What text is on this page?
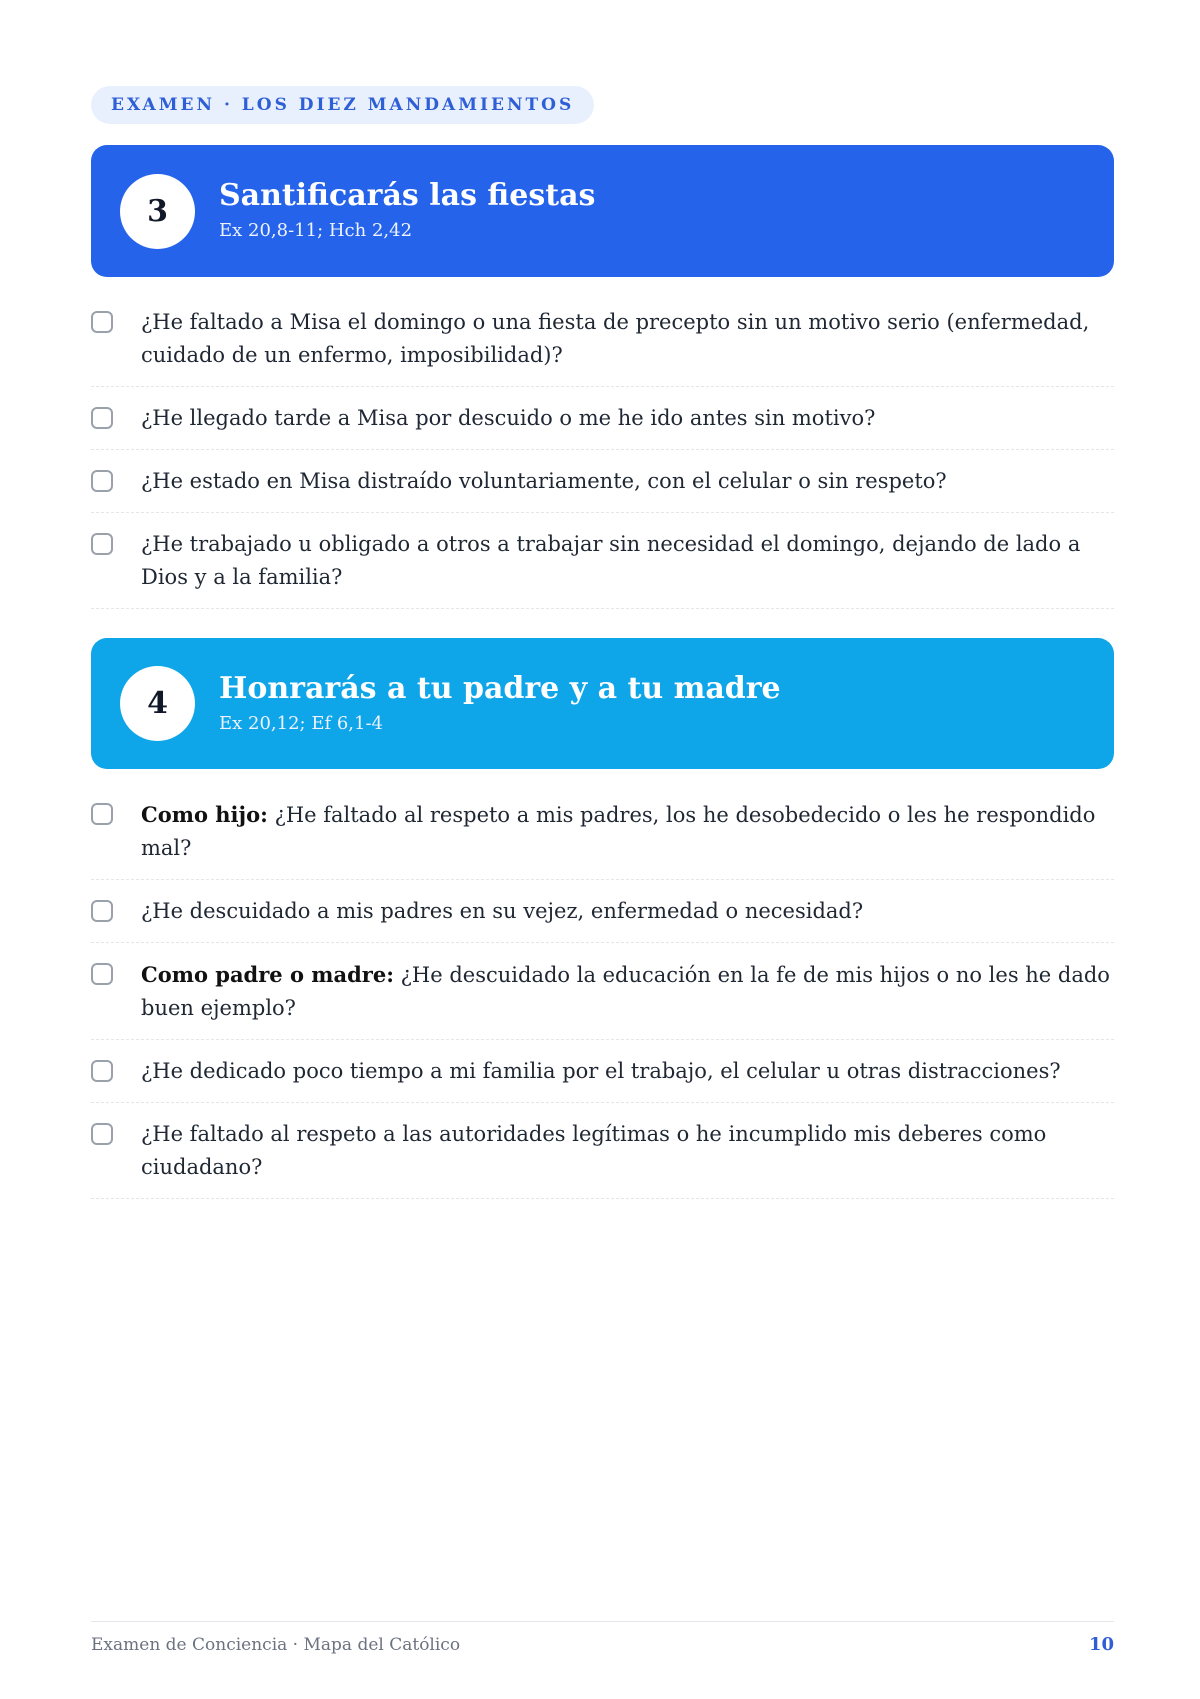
EXAMEN · LOS DIEZ MANDAMIENTOS
3	Santificarás las fiestas
Ex 20,8-11; Hch 2,42
¿He faltado a Misa el domingo o una fiesta de precepto sin un motivo serio (enfermedad, cuidado de un enfermo, imposibilidad)?
¿He llegado tarde a Misa por descuido o me he ido antes sin motivo?
¿He estado en Misa distraído voluntariamente, con el celular o sin respeto?
¿He trabajado u obligado a otros a trabajar sin necesidad el domingo, dejando de lado a Dios y a la familia?
4	Honrarás a tu padre y a tu madre
Ex 20,12; Ef 6,1-4
Como hijo: ¿He faltado al respeto a mis padres, los he desobedecido o les he respondido mal?
¿He descuidado a mis padres en su vejez, enfermedad o necesidad?
Como padre o madre: ¿He descuidado la educación en la fe de mis hijos o no les he dado buen ejemplo?
¿He dedicado poco tiempo a mi familia por el trabajo, el celular u otras distracciones?
¿He faltado al respeto a las autoridades legítimas o he incumplido mis deberes como ciudadano?
Examen de Conciencia · Mapa del Católico	10
